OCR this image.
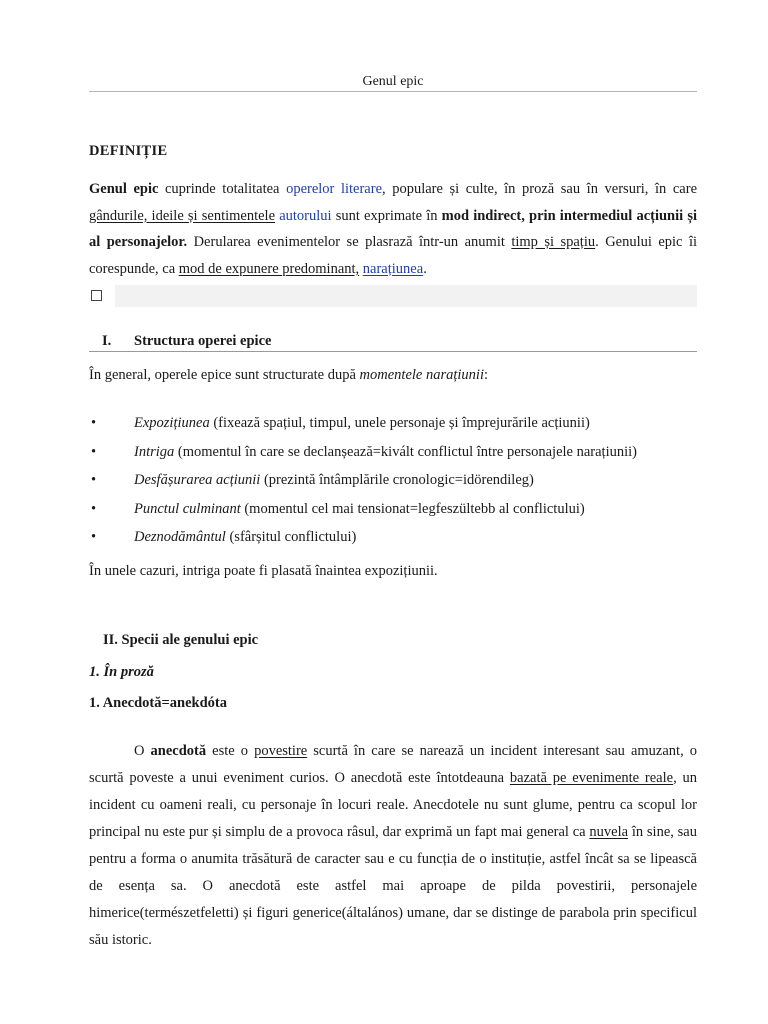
Genul epic
DEFINIȚIE
Genul epic cuprinde totalitatea operelor literare, populare și culte, în proză sau în versuri, în care gândurile, ideile și sentimentele autorului sunt exprimate în mod indirect, prin intermediul acțiunii și al personajelor. Derularea evenimentelor se plasrază într-un anumit timp și spațiu. Genului epic îi corespunde, ca mod de expunere predominant, narațiunea.
I. Structura operei epice
În general, operele epice sunt structurate după momentele narațiunii:
•	Expozițiunea (fixează spațiul, timpul, unele personaje și împrejurările acțiunii)
•	Intriga (momentul în care se declanșează=kivált conflictul între personajele narațiunii)
•	Desfășurarea acțiunii (prezintă întâmplările cronologic=idörendileg)
•	Punctul culminant (momentul cel mai tensionat=legfeszültebb al conflictului)
•	Deznodământul (sfârșitul conflictului)
În unele cazuri, intriga poate fi plasată înaintea expozițiunii.
II. Specii ale genului epic
1. În proză
1. Anecdotă=anekdóta
O anecdotă este o povestire scurtă în care se narează un incident interesant sau amuzant, o scurtă poveste a unui eveniment curios. O anecdotă este întotdeauna bazată pe evenimente reale, un incident cu oameni reali, cu personaje în locuri reale. Anecdotele nu sunt glume, pentru ca scopul lor principal nu este pur și simplu de a provoca râsul, dar exprimă un fapt mai general ca nuvela în sine, sau pentru a forma o anumita trăsătură de caracter sau e cu funcția de o instituție, astfel încât sa se lipească de esența sa. O anecdotă este astfel mai aproape de pilda povestirii, personajele himerice(természetfeletti) și figuri generice(általános) umane, dar se distinge de parabola prin specificul său istoric.
